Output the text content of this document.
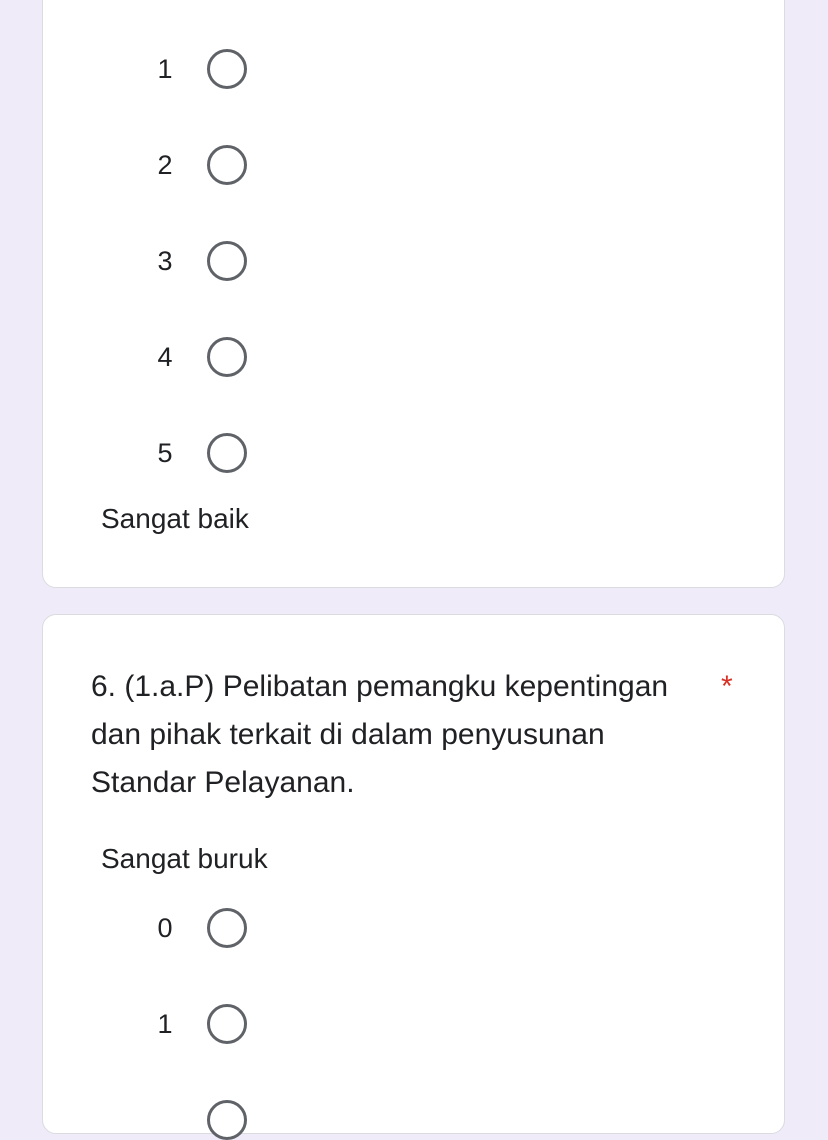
1
2
3
4
5
Sangat baik
6. (1.a.P) Pelibatan pemangku kepentingan dan pihak terkait di dalam penyusunan Standar Pelayanan.
*
Sangat buruk
0
1
